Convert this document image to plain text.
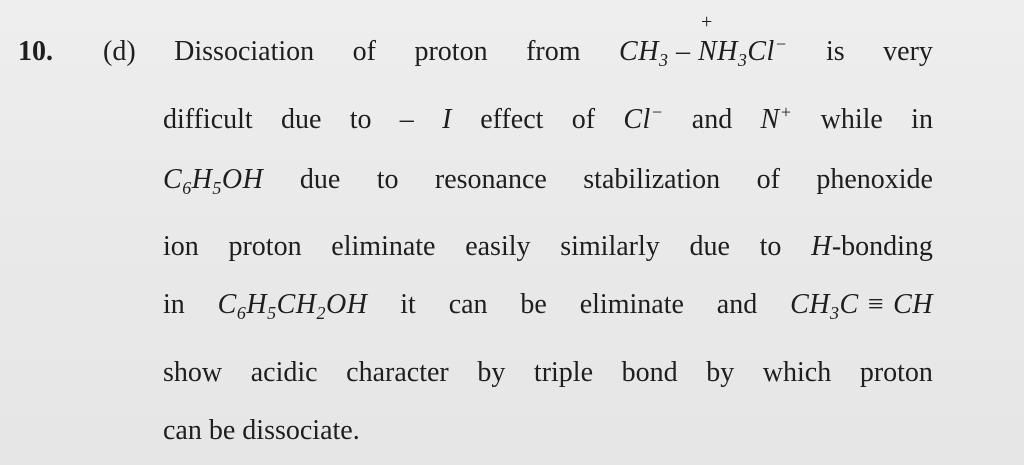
10. (d) Dissociation of proton from $CH_3$ –
+
$NH_3Cl^-$ is very
difficult due to – I effect of Cl− and N+ while in
$C_6H_5OH$ due to resonance stabilization of phenoxide
ion proton eliminate easily similarly due to H-bonding
in $C_6H_5CH_2OH$ it can be eliminate and $CH_3C$ ≡ CH
show acidic character by triple bond by which proton
can be dissociate.
